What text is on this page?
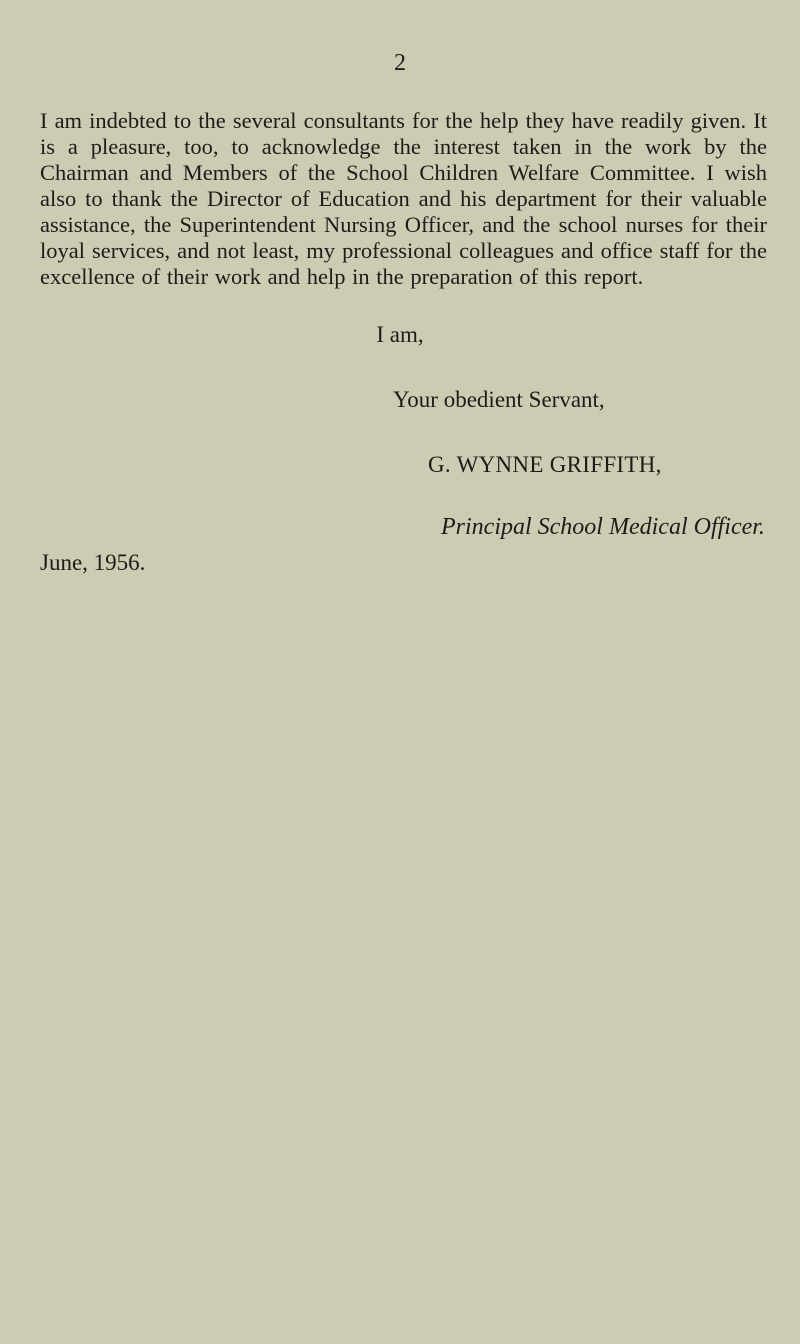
2

I am indebted to the several consultants for the help they have readily given. It is a pleasure, too, to acknowledge the interest taken in the work by the Chairman and Members of the School Children Welfare Committee. I wish also to thank the Director of Education and his department for their valuable assistance, the Superintendent Nursing Officer, and the school nurses for their loyal services, and not least, my professional colleagues and office staff for the excellence of their work and help in the preparation of this report.

I am,
Your obedient Servant,
G. WYNNE GRIFFITH,
Principal School Medical Officer.
June, 1956.
